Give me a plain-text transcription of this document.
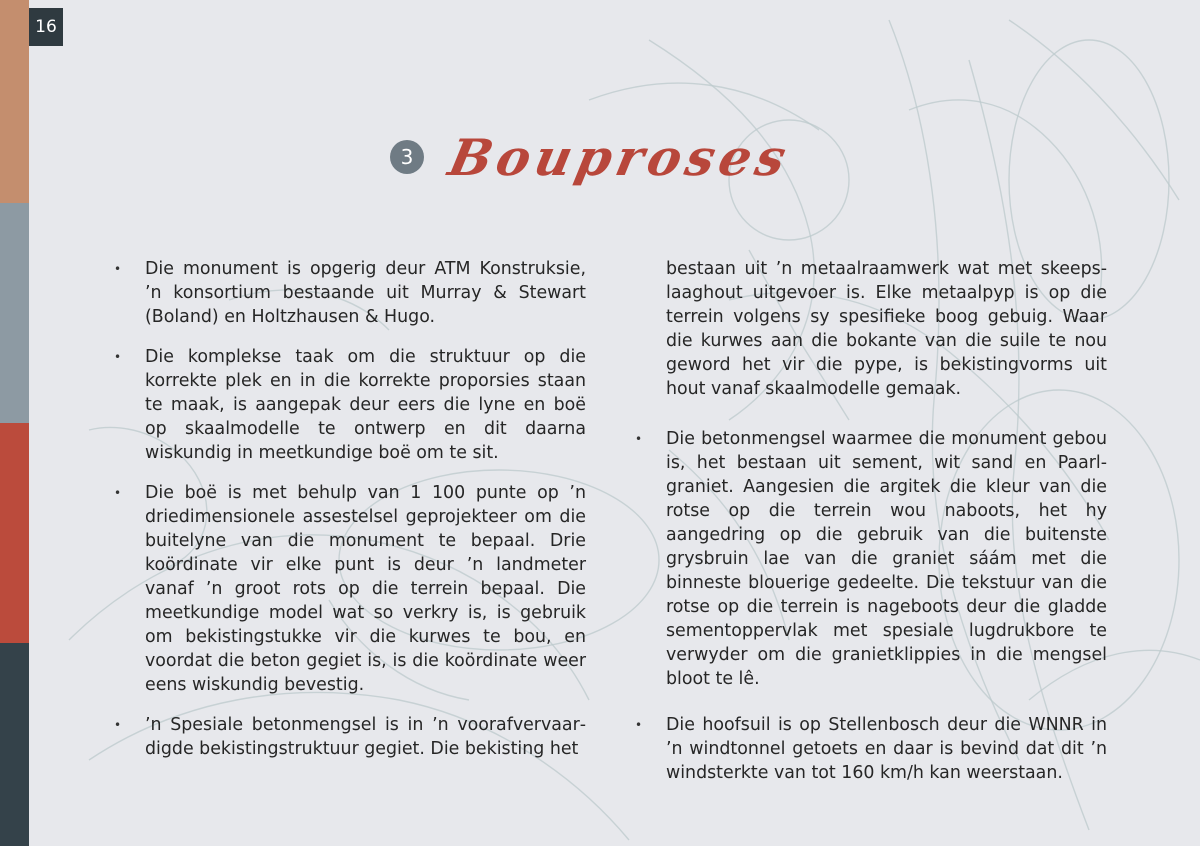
16
3 Bouproses

• Die monument is opgerig deur ATM Konstruksie, ’n konsortium bestaande uit Murray & Stewart (Boland) en Holtzhausen & Hugo.

• Die komplekse taak om die struktuur op die korrekte plek en in die korrekte proporsies staan te maak, is aangepak deur eers die lyne en boë op skaalmodelle te ontwerp en dit daarna wiskundig in meetkundige boë om te sit.

• Die boë is met behulp van 1 100 punte op ’n driedimensionele assestelsel geprojekteer om die buitelyne van die monument te bepaal. Drie koördinate vir elke punt is deur ’n landmeter vanaf ’n groot rots op die terrein bepaal. Die meetkundige model wat so verkry is, is gebruik om bekistingstukke vir die kurwes te bou, en voordat die beton gegiet is, is die koördinate weer eens wiskundig bevestig.

• ’n Spesiale betonmengsel is in ’n voorafvervaardigde bekistingstruktuur gegiet. Die bekisting het

bestaan uit ’n metaalraamwerk wat met skeepslaaghout uitgevoer is. Elke metaalpyp is op die terrein volgens sy spesifieke boog gebuig. Waar die kurwes aan die bokante van die suile te nou geword het vir die pype, is bekistingvorms uit hout vanaf skaalmodelle gemaak.

• Die betonmengsel waarmee die monument gebou is, het bestaan uit sement, wit sand en Paarl-graniet. Aangesien die argitek die kleur van die rotse op die terrein wou naboots, het hy aangedring op die gebruik van die buitenste grysbruin lae van die graniet sáám met die binneste blouerige gedeelte. Die tekstuur van die rotse op die terrein is nageboots deur die gladde sementoppervlak met spesiale lugdrukbore te verwyder om die granietklippies in die mengsel bloot te lê.

• Die hoofsuil is op Stellenbosch deur die WNNR in ’n windtonnel getoets en daar is bevind dat dit ’n windsterkte van tot 160 km/h kan weerstaan.
